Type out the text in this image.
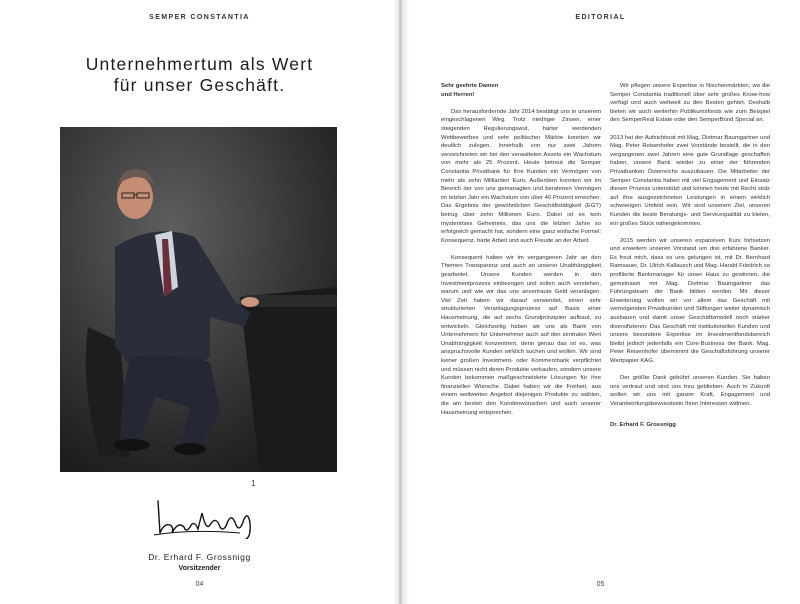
SEMPER CONSTANTIA
Unternehmertum als Wert
für unser Geschäft.
1
Dr. Erhard F. Grossnigg
Vorsitzender
04
EDITORIAL
Sehr geehrte Damen
und Herren!

Das herausfordernde Jahr 2014 bestätigt uns in unserem eingeschlagenen Weg. Trotz niedriger Zinsen, einer steigenden Regulierungswut, härter werdenden Wettbewerbes und sehr politischer Märkte konnten wir deutlich zulegen. Innerhalb von nur zwei Jahren verzeichneten wir bei den verwalteten Assets ein Wachstum von mehr als 25 Prozent. Heute betreut die Semper Constantia Privatbank für Ihre Kunden ein Vermögen von mehr als zehn Milliarden Euro. Außerdem konnten wir im Bereich der von uns gemanagten und beratenen Vermögen im letzten Jahr ein Wachstum von über 40 Prozent erreichen. Das Ergebnis der gewöhnlichen Geschäftstätigkeit (EGT) betrug über zehn Millionen Euro. Dabei ist es kein mysteriöses Geheimnis, das uns die letzten Jahre so erfolgreich gemacht hat, sondern eine ganz einfache Formel: Konsequenz, harte Arbeit und auch Freude an der Arbeit.

Konsequent haben wir im vergangenen Jahr an den Themen Transparenz und auch an unserer Unabhängigkeit gearbeitet. Unsere Kunden werden in den Investmentprozess einbezogen und sollen auch verstehen, warum und wie wir das uns anvertraute Geld veranlagen. Viel Zeit haben wir darauf verwendet, einen sehr strukturierten Veranlagungsprozess auf Basis einer Hausmeinung, die auf sechs Grundprinzipien aufbaut, zu entwickeln. Gleichzeitig haben wir uns als Bank von Unternehmern für Unternehmer auch auf den zentralen Wert Unabhängigkeit konzentriert, denn genau das ist es, was anspruchsvolle Kunden wirklich suchen und wollen. Wir sind keiner großen Investment- oder Kommerzbank verpflichtet und müssen nicht deren Produkte verkaufen, sondern unsere Kunden bekommen maßgeschneiderte Lösungen für ihre finanziellen Wünsche. Dabei haben wir die Freiheit, aus einem weltweiten Angebot diejenigen Produkte zu wählen, die am besten den Kundenwünschen und auch unserer Hausmeinung entsprechen.

Wir pflegen unsere Expertise in Nischenmärkten, wo die Semper Constantia traditionell über sehr großes Know-how verfügt und auch weltweit zu den Besten gehört. Deshalb bieten wir auch weiterhin Publikumsfonds wie zum Beispiel den SemperReal Estate oder den SemperBond Special an.

2013 hat der Aufsichtsrat mit Mag. Dietmar Baumgartner und Mag. Peter Reisenhofer zwei Vorstände bestellt, die in den vergangenen zwei Jahren eine gute Grundlage geschaffen haben, unsere Bank wieder zu einer der führenden Privatbanken Österreichs auszubauen. Die Mitarbeiter der Semper Constantia haben mit viel Engagement und Einsatz diesen Prozess unterstützt und können heute mit Recht stolz auf ihre ausgezeichneten Leistungen in einem wirklich schwierigen Umfeld sein. Wir sind unserem Ziel, unseren Kunden die beste Beratungs- und Servicequalität zu bieten, ein großes Stück nähergekommen.

2015 werden wir unseren expansiven Kurs fortsetzen und erweitern unseren Vorstand um drei erfahrene Banker. Es freut mich, dass es uns gelungen ist, mit Dr. Bernhard Ramsauer, Dr. Ulrich Kallausch und Mag. Harald Friedrich so profilierte Bankmanager für unser Haus zu gewinnen, die gemeinsam mit Mag. Dietmar Baumgartner das Führungsteam der Bank bilden werden. Mit dieser Erweiterung wollen wir vor allem das Geschäft mit vermögenden Privatkunden und Stiftungen weiter dynamisch ausbauen und damit unser Geschäftsmodell noch stärker diversifizieren. Das Geschäft mit institutionellen Kunden und unsere besondere Expertise im Investmentfondsbereich bleibt jedoch jedenfalls ein Core-Business der Bank. Mag. Peter Reisenhofer übernimmt die Geschäftsführung unserer Wertpapier KAG.

Der größte Dank gebührt unseren Kunden. Sie haben uns vertraut und sind uns treu geblieben. Auch in Zukunft wollen wir uns mit ganzer Kraft, Engagement und Verantwortungsbewusstsein Ihren Interessen widmen.

Dr. Erhard F. Grossnigg
05
